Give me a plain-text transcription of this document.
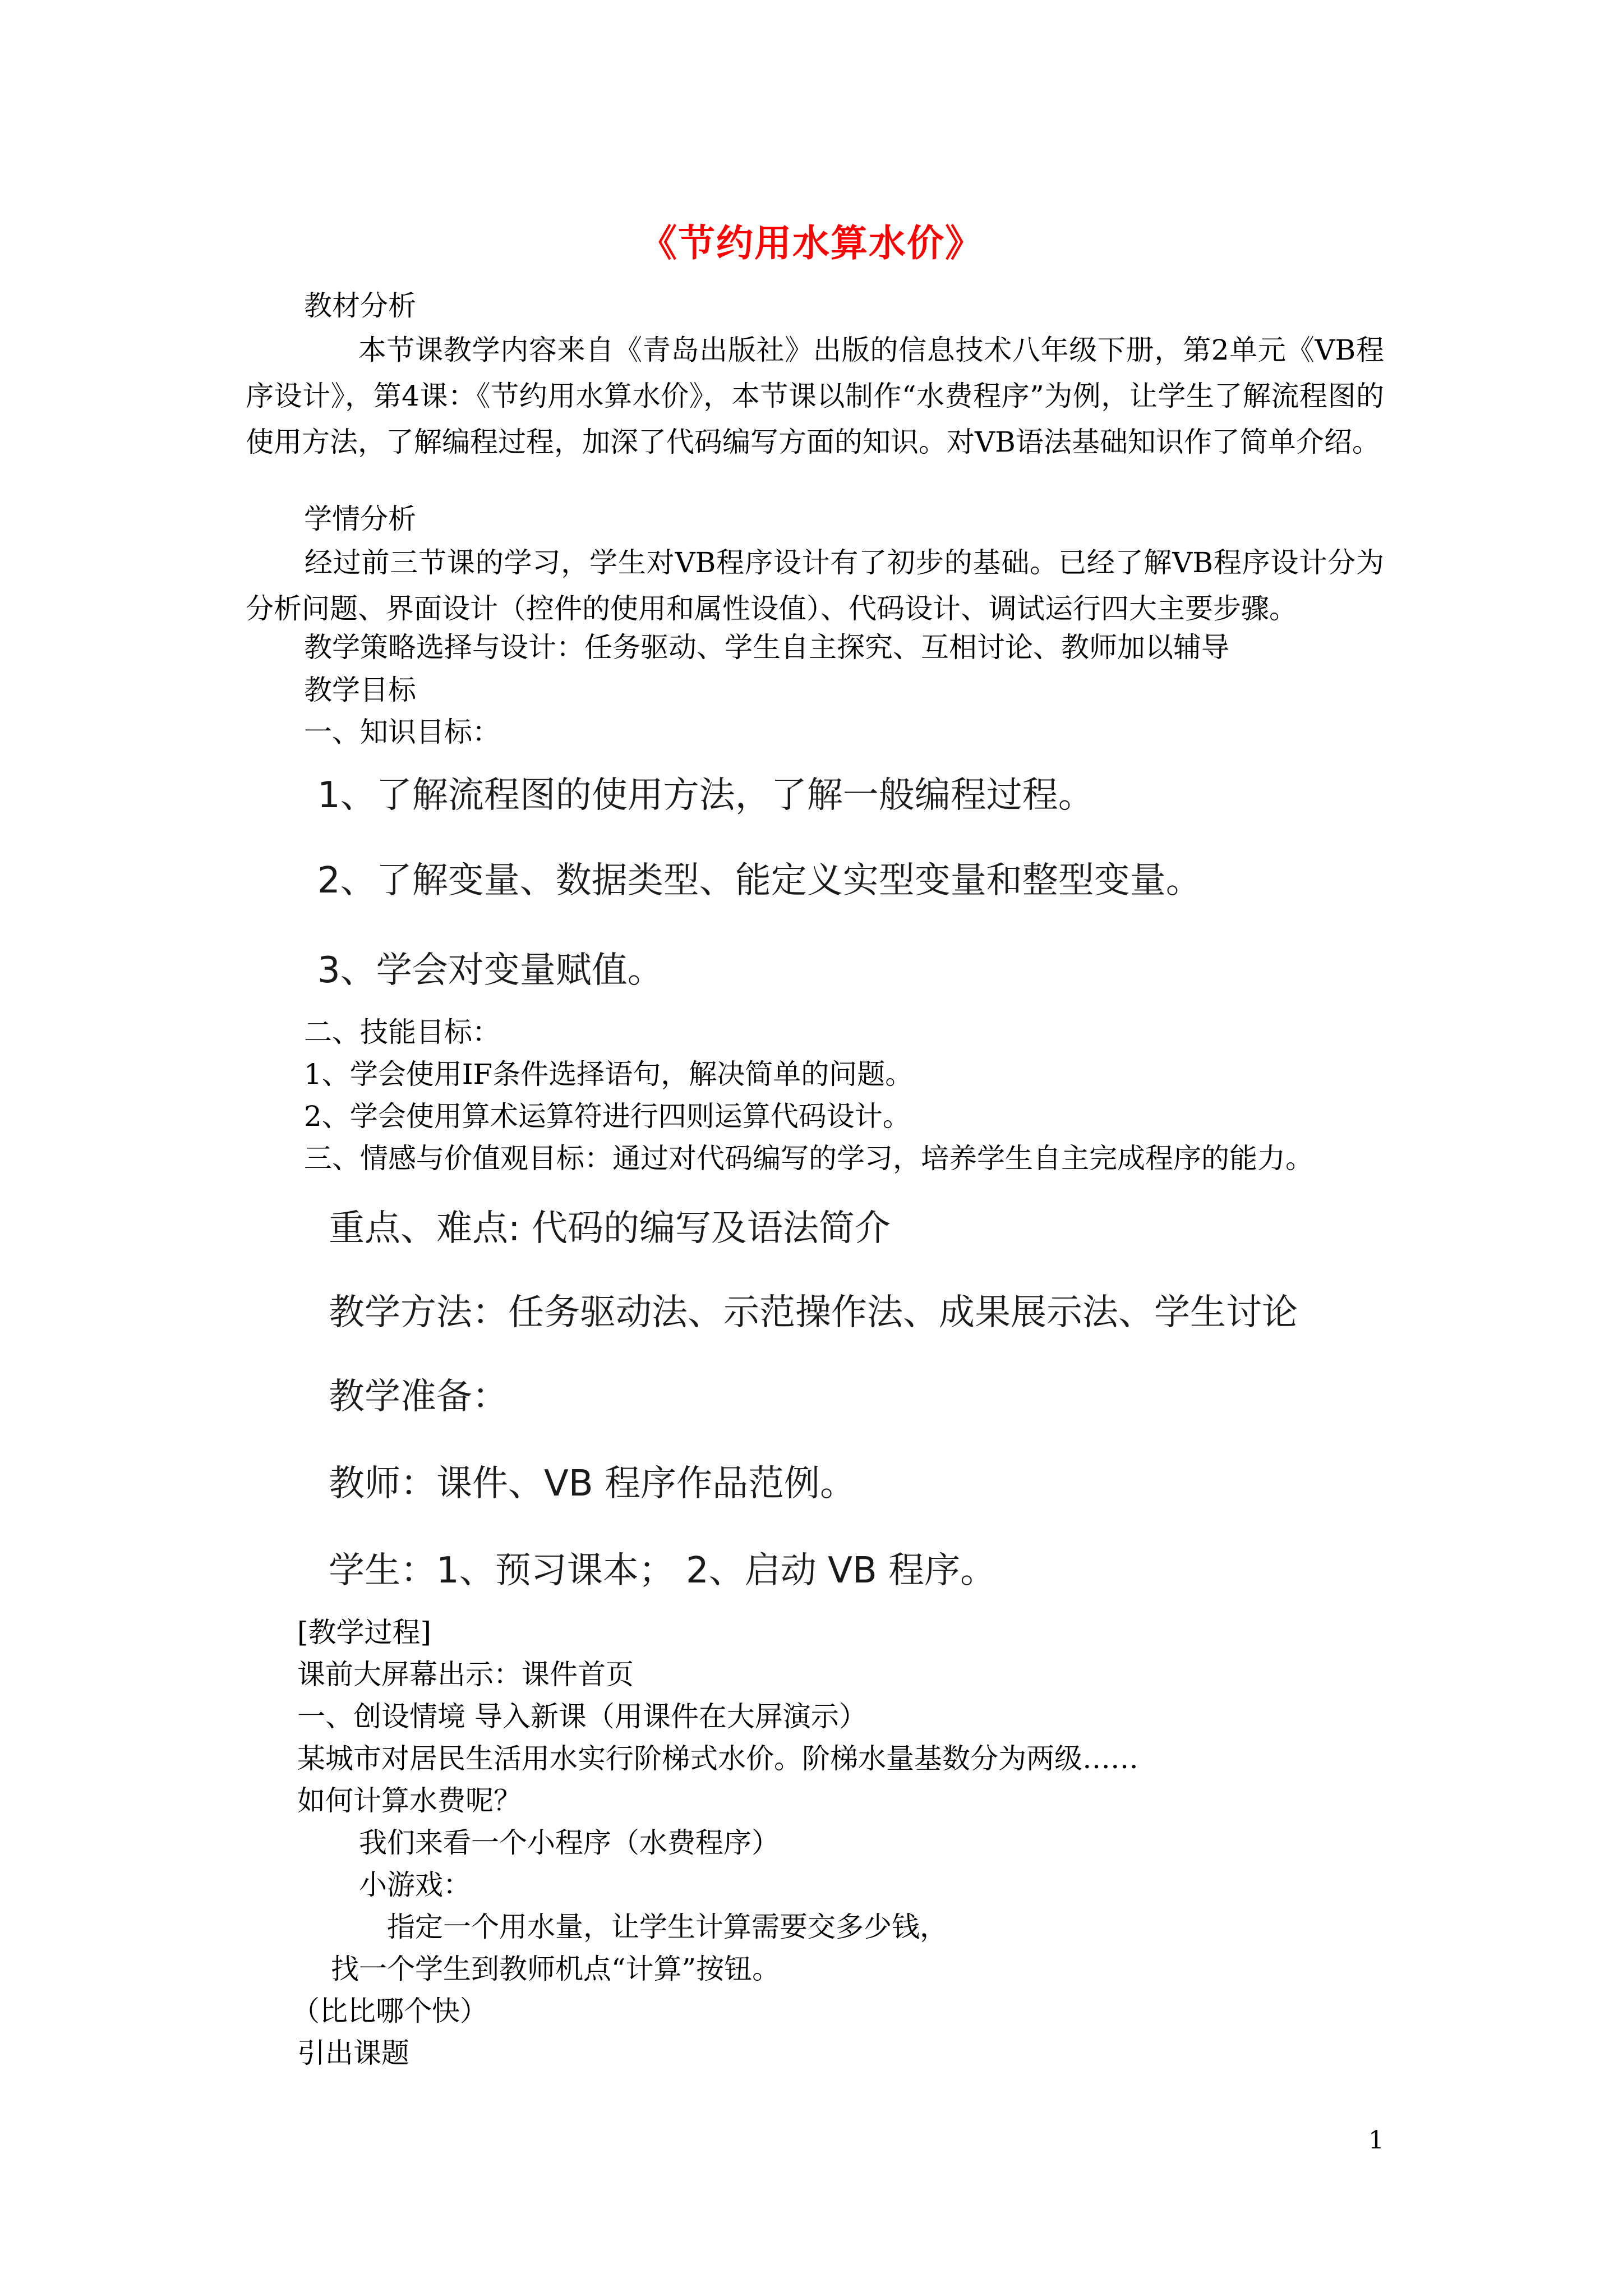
《节约用水算水价》
教材分析
本节课教学内容来自《青岛出版社》出版的信息技术八年级下册，第2单元《VB程序设计》，第4课：《节约用水算水价》，本节课以制作“水费程序”为例，让学生了解流程图的使用方法，了解编程过程，加深了代码编写方面的知识。对VB语法基础知识作了简单介绍。
学情分析
经过前三节课的学习，学生对VB程序设计有了初步的基础。已经了解VB程序设计分为分析问题、界面设计（控件的使用和属性设值）、代码设计、调试运行四大主要步骤。
教学策略选择与设计：任务驱动、学生自主探究、互相讨论、教师加以辅导
教学目标
一、知识目标：
1、了解流程图的使用方法，了解一般编程过程。
2、了解变量、数据类型、能定义实型变量和整型变量。
3、学会对变量赋值。
二、技能目标：
1、学会使用IF条件选择语句，解决简单的问题。
2、学会使用算术运算符进行四则运算代码设计。
三、情感与价值观目标：通过对代码编写的学习，培养学生自主完成程序的能力。
重点、难点: 代码的编写及语法简介
教学方法：任务驱动法、示范操作法、成果展示法、学生讨论
教学准备：
教师：课件、VB 程序作品范例。
学生：1、预习课本； 2、启动 VB 程序。
[教学过程]
课前大屏幕出示：课件首页
一、创设情境 导入新课（用课件在大屏演示）
某城市对居民生活用水实行阶梯式水价。阶梯水量基数分为两级……
如何计算水费呢？
我们来看一个小程序（水费程序）
小游戏：
指定一个用水量，让学生计算需要交多少钱，
找一个学生到教师机点“计算”按钮。
（比比哪个快）
引出课题
1
